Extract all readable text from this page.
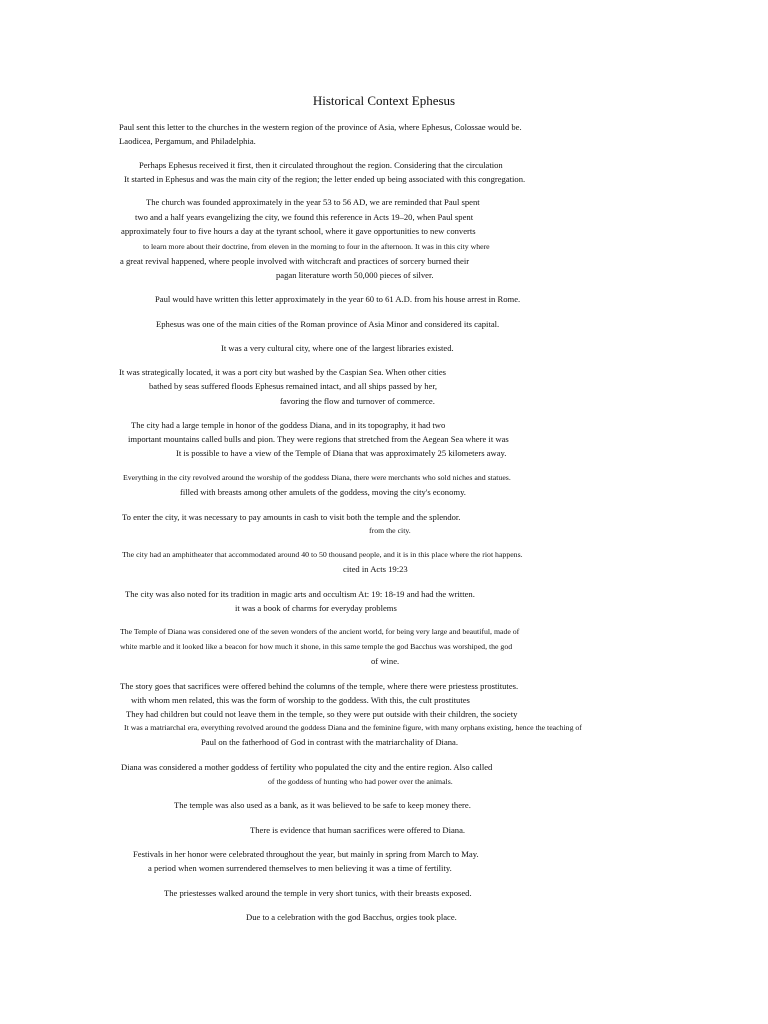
Historical Context Ephesus
Paul sent this letter to the churches in the western region of the province of Asia, where Ephesus, Colossae would be.
Laodicea, Pergamum, and Philadelphia.
Perhaps Ephesus received it first, then it circulated throughout the region. Considering that the circulation
It started in Ephesus and was the main city of the region; the letter ended up being associated with this congregation.
The church was founded approximately in the year 53 to 56 AD, we are reminded that Paul spent
two and a half years evangelizing the city, we found this reference in Acts 19–20, when Paul spent
approximately four to five hours a day at the tyrant school, where it gave opportunities to new converts
to learn more about their doctrine, from eleven in the morning to four in the afternoon. It was in this city where
a great revival happened, where people involved with witchcraft and practices of sorcery burned their
pagan literature worth 50,000 pieces of silver.
Paul would have written this letter approximately in the year 60 to 61 A.D. from his house arrest in Rome.
Ephesus was one of the main cities of the Roman province of Asia Minor and considered its capital.
It was a very cultural city, where one of the largest libraries existed.
It was strategically located, it was a port city but washed by the Caspian Sea. When other cities
bathed by seas suffered floods Ephesus remained intact, and all ships passed by her,
favoring the flow and turnover of commerce.
The city had a large temple in honor of the goddess Diana, and in its topography, it had two
important mountains called bulls and pion. They were regions that stretched from the Aegean Sea where it was
It is possible to have a view of the Temple of Diana that was approximately 25 kilometers away.
Everything in the city revolved around the worship of the goddess Diana, there were merchants who sold niches and statues.
filled with breasts among other amulets of the goddess, moving the city's economy.
To enter the city, it was necessary to pay amounts in cash to visit both the temple and the splendor.
from the city.
The city had an amphitheater that accommodated around 40 to 50 thousand people, and it is in this place where the riot happens.
cited in Acts 19:23
The city was also noted for its tradition in magic arts and occultism At: 19: 18-19 and had the written.
it was a book of charms for everyday problems
The Temple of Diana was considered one of the seven wonders of the ancient world, for being very large and beautiful, made of
white marble and it looked like a beacon for how much it shone, in this same temple the god Bacchus was worshiped, the god
of wine.
The story goes that sacrifices were offered behind the columns of the temple, where there were priestess prostitutes.
with whom men related, this was the form of worship to the goddess. With this, the cult prostitutes
They had children but could not leave them in the temple, so they were put outside with their children, the society
It was a matriarchal era, everything revolved around the goddess Diana and the feminine figure, with many orphans existing, hence the teaching of
Paul on the fatherhood of God in contrast with the matriarchality of Diana.
Diana was considered a mother goddess of fertility who populated the city and the entire region. Also called
of the goddess of hunting who had power over the animals.
The temple was also used as a bank, as it was believed to be safe to keep money there.
There is evidence that human sacrifices were offered to Diana.
Festivals in her honor were celebrated throughout the year, but mainly in spring from March to May.
a period when women surrendered themselves to men believing it was a time of fertility.
The priestesses walked around the temple in very short tunics, with their breasts exposed.
Due to a celebration with the god Bacchus, orgies took place.
